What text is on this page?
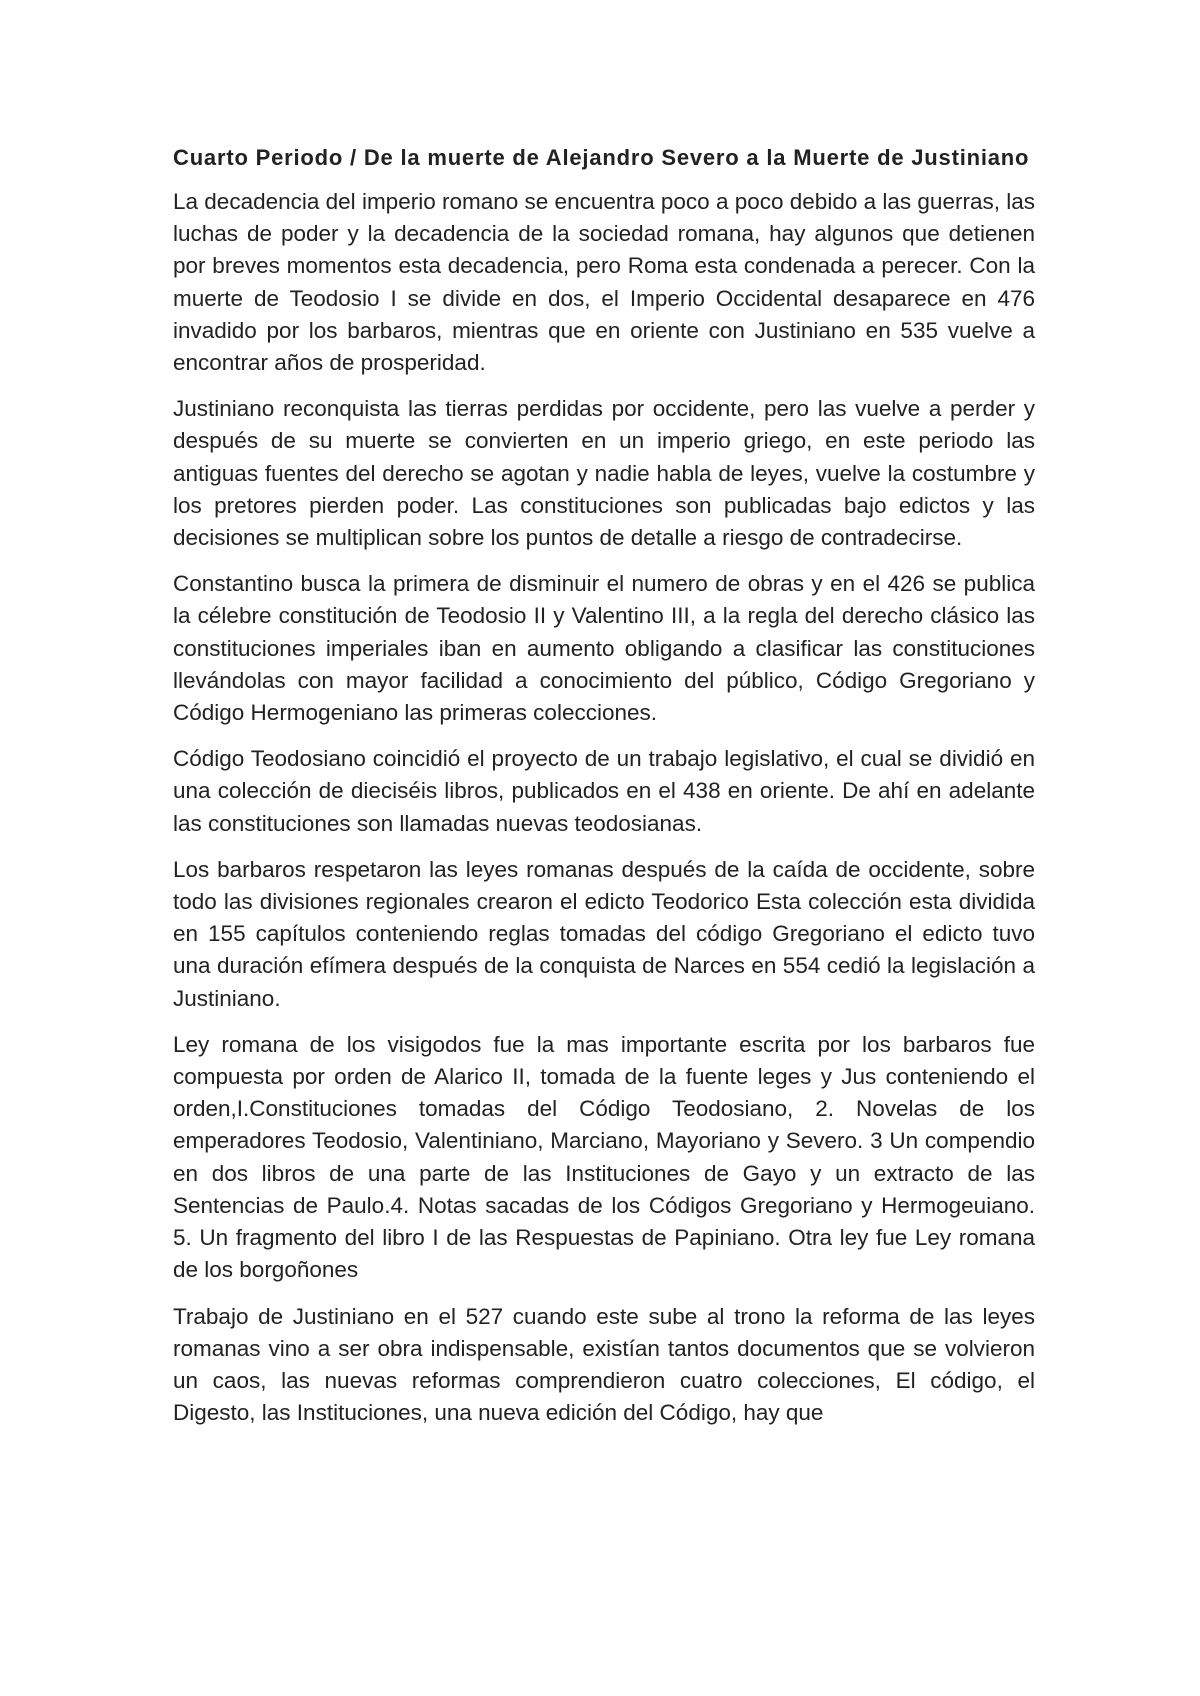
Cuarto Periodo / De la muerte de Alejandro Severo a la Muerte de Justiniano

La decadencia del imperio romano se encuentra poco a poco debido a las guerras, las luchas de poder y la decadencia de la sociedad romana, hay algunos que detienen por breves momentos esta decadencia, pero Roma esta condenada a perecer. Con la muerte de Teodosio I se divide en dos, el Imperio Occidental desaparece en 476 invadido por los barbaros, mientras que en oriente con Justiniano en 535 vuelve a encontrar años de prosperidad.

Justiniano reconquista las tierras perdidas por occidente, pero las vuelve a perder y después de su muerte se convierten en un imperio griego, en este periodo las antiguas fuentes del derecho se agotan y nadie habla de leyes, vuelve la costumbre y los pretores pierden poder. Las constituciones son publicadas bajo edictos y las decisiones se multiplican sobre los puntos de detalle a riesgo de contradecirse.

Constantino busca la primera de disminuir el numero de obras y en el 426 se publica la célebre constitución de Teodosio II y Valentino III, a la regla del derecho clásico las constituciones imperiales iban en aumento obligando a clasificar las constituciones llevándolas con mayor facilidad a conocimiento del público, Código Gregoriano y Código Hermogeniano las primeras colecciones.

Código Teodosiano coincidió el proyecto de un trabajo legislativo, el cual se dividió en una colección de dieciséis libros, publicados en el 438 en oriente. De ahí en adelante las constituciones son llamadas nuevas teodosianas.

Los barbaros respetaron las leyes romanas después de la caída de occidente, sobre todo las divisiones regionales crearon el edicto Teodorico Esta colección esta dividida en 155 capítulos conteniendo reglas tomadas del código Gregoriano el edicto tuvo una duración efímera después de la conquista de Narces en 554 cedió la legislación a Justiniano.

Ley romana de los visigodos fue la mas importante escrita por los barbaros fue compuesta por orden de Alarico II, tomada de la fuente leges y Jus conteniendo el orden,I.Constituciones tomadas del Código Teodosiano, 2. Novelas de los emperadores Teodosio, Valentiniano, Marciano, Mayoriano y Severo. 3 Un compendio en dos libros de una parte de las Instituciones de Gayo y un extracto de las Sentencias de Paulo.4. Notas sacadas de los Códigos Gregoriano y Hermogeuiano. 5. Un fragmento del libro I de las Respuestas de Papiniano. Otra ley fue Ley romana de los borgoñones

Trabajo de Justiniano en el 527 cuando este sube al trono la reforma de las leyes romanas vino a ser obra indispensable, existían tantos documentos que se volvieron un caos, las nuevas reformas comprendieron cuatro colecciones, El código, el Digesto, las Instituciones, una nueva edición del Código, hay que
